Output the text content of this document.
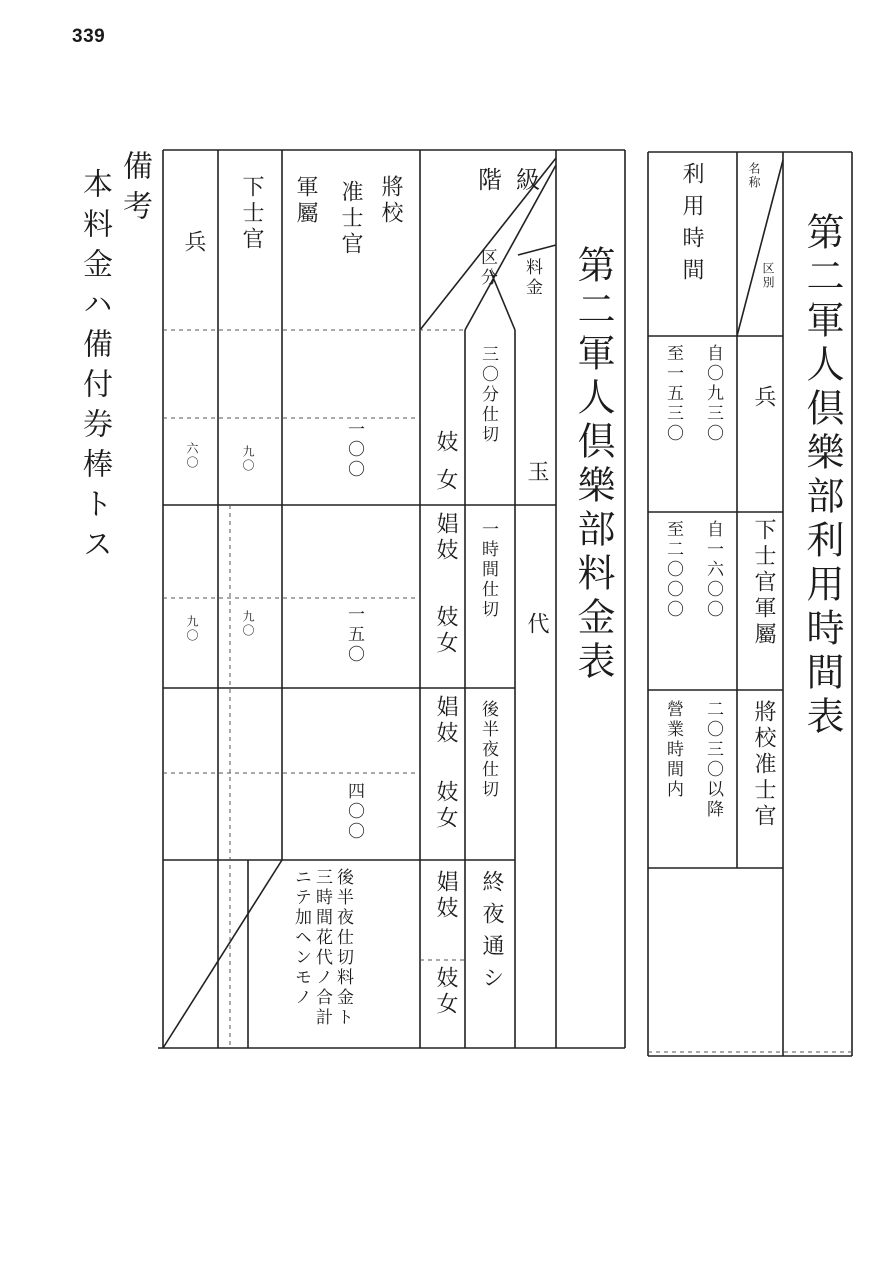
339
備考
本料金ハ備付券棒トス	第二軍人倶樂部料金表
階級
区分 料金
將校
准士官
軍屬
下士官
兵
玉代
三〇分仕切
妓
女
一〇〇
九〇
六〇
一時間仕切
娼妓
妓女
一五〇
九〇
九〇
後半夜仕切
娼妓
妓女
四〇〇
終夜通シ
娼妓
妓女
後半夜仕切料金ト三時間花代ノ合計ニテ加ヘンモノ
第二軍人倶樂部利用時間表
利用時間	名称
区別
兵
自〇九三〇
至一五三〇
下士官軍屬
自一六〇〇
至二〇〇〇
將校准士官
二〇三〇以降
營業時間内
